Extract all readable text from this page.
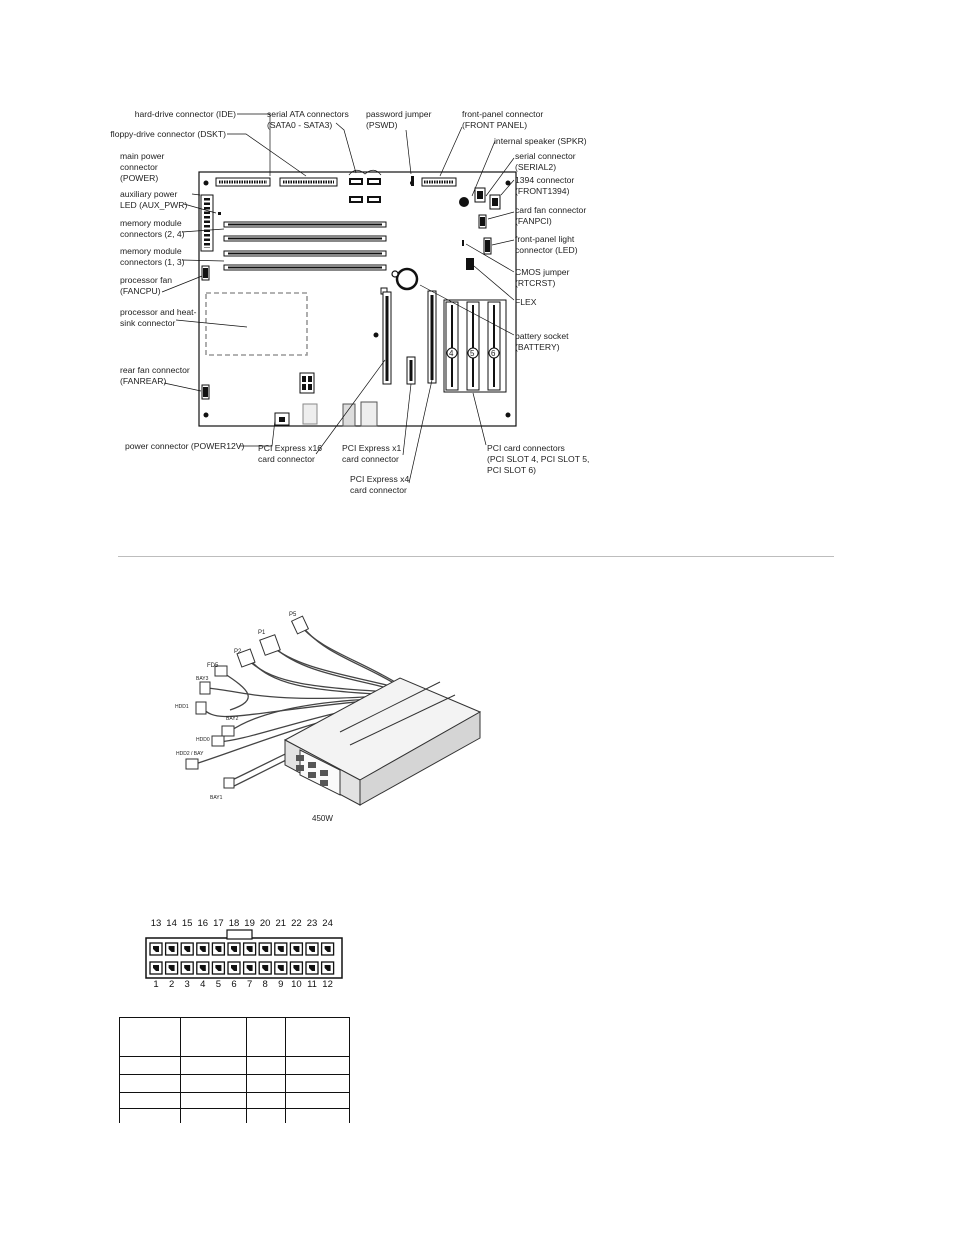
hard-drive connector (IDE)
floppy-drive connector (DSKT)
serial ATA connectors
(SATA0 - SATA3)
password jumper
(PSWD)
front-panel connector
(FRONT PANEL)
internal speaker (SPKR)
serial connector
(SERIAL2)
1394 connector
(FRONT1394)
card fan connector
(FANPCI)
front-panel light
connector (LED)
CMOS jumper
(RTCRST)
FLEX
battery socket
(BATTERY)
main power
connector
(POWER)
auxiliary power
LED (AUX_PWR)
memory module
connectors (2, 4)
memory module
connectors (1, 3)
processor fan
(FANCPU)
processor and heat-
sink connector
rear fan connector
(FANREAR)
power connector (POWER12V) PCI Express x16
card connector
PCI Express x1
card connector
PCI Express x4
card connector
PCI card connectors
(PCI SLOT 4, PCI SLOT 5,
PCI SLOT 6)
4 5 6
P5
P1
P2
FD5
BAY3
HDD1
BAY2
HDD0
HDD2 / BAY
BAY1
450W
13 14 15 16 17 18 19 20 21 22 23 24
1	2	3	4	5	6	7	8	9 10 11 12
